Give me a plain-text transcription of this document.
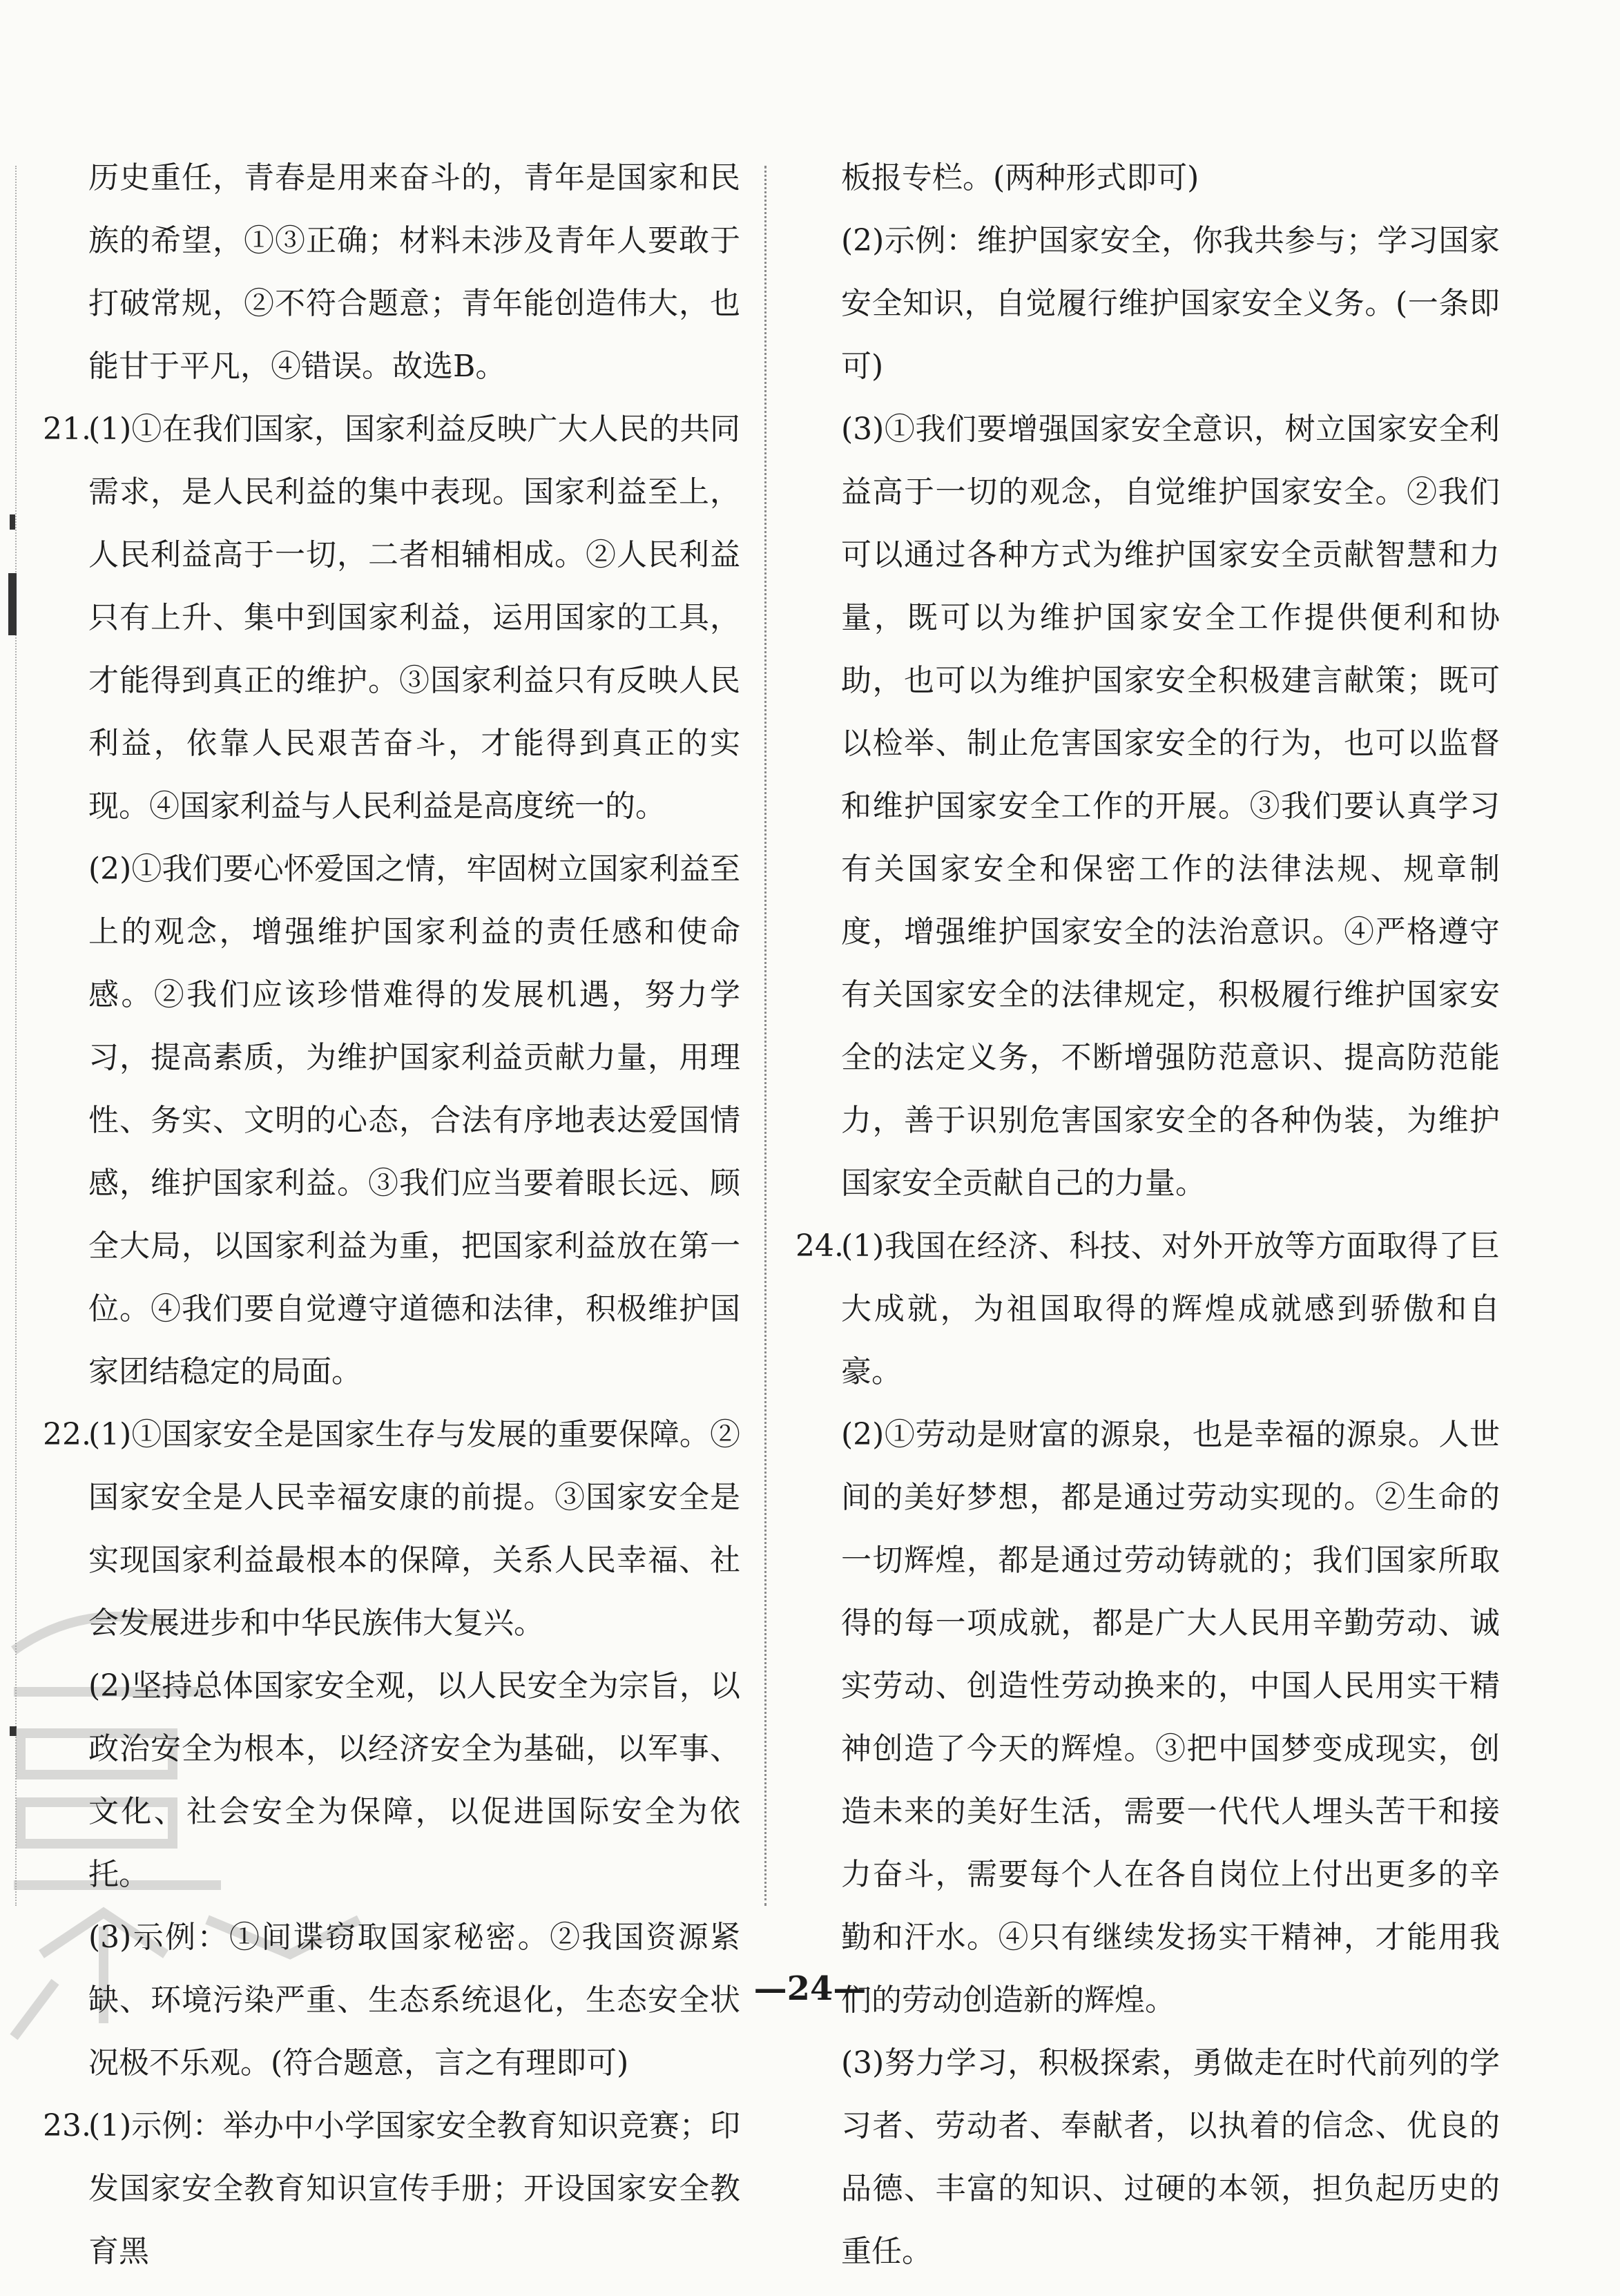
历史重任，青春是用来奋斗的，青年是国家和民族的希望，①③正确；材料未涉及青年人要敢于打破常规，②不符合题意；青年能创造伟大，也能甘于平凡，④错误。故选B。

21.

(1)①在我们国家，国家利益反映广大人民的共同需求，是人民利益的集中表现。国家利益至上，人民利益高于一切，二者相辅相成。②人民利益只有上升、集中到国家利益，运用国家的工具，才能得到真正的维护。③国家利益只有反映人民利益，依靠人民艰苦奋斗，才能得到真正的实现。④国家利益与人民利益是高度统一的。

(2)①我们要心怀爱国之情，牢固树立国家利益至上的观念，增强维护国家利益的责任感和使命感。②我们应该珍惜难得的发展机遇，努力学习，提高素质，为维护国家利益贡献力量，用理性、务实、文明的心态，合法有序地表达爱国情感，维护国家利益。③我们应当要着眼长远、顾全大局，以国家利益为重，把国家利益放在第一位。④我们要自觉遵守道德和法律，积极维护国家团结稳定的局面。

22.

(1)①国家安全是国家生存与发展的重要保障。②国家安全是人民幸福安康的前提。③国家安全是实现国家利益最根本的保障，关系人民幸福、社会发展进步和中华民族伟大复兴。

(2)坚持总体国家安全观，以人民安全为宗旨，以政治安全为根本，以经济安全为基础，以军事、文化、社会安全为保障，以促进国际安全为依托。

(3)示例：①间谍窃取国家秘密。②我国资源紧缺、环境污染严重、生态系统退化，生态安全状况极不乐观。(符合题意，言之有理即可)

23.

(1)示例：举办中小学国家安全教育知识竞赛；印发国家安全教育知识宣传手册；开设国家安全教育黑

板报专栏。(两种形式即可)

(2)示例：维护国家安全，你我共参与；学习国家安全知识，自觉履行维护国家安全义务。(一条即可)

(3)①我们要增强国家安全意识，树立国家安全利益高于一切的观念，自觉维护国家安全。②我们可以通过各种方式为维护国家安全贡献智慧和力量，既可以为维护国家安全工作提供便利和协助，也可以为维护国家安全积极建言献策；既可以检举、制止危害国家安全的行为，也可以监督和维护国家安全工作的开展。③我们要认真学习有关国家安全和保密工作的法律法规、规章制度，增强维护国家安全的法治意识。④严格遵守有关国家安全的法律规定，积极履行维护国家安全的法定义务，不断增强防范意识、提高防范能力，善于识别危害国家安全的各种伪装，为维护国家安全贡献自己的力量。

24.

(1)我国在经济、科技、对外开放等方面取得了巨大成就，为祖国取得的辉煌成就感到骄傲和自豪。

(2)①劳动是财富的源泉，也是幸福的源泉。人世间的美好梦想，都是通过劳动实现的。②生命的一切辉煌，都是通过劳动铸就的；我们国家所取得的每一项成就，都是广大人民用辛勤劳动、诚实劳动、创造性劳动换来的，中国人民用实干精神创造了今天的辉煌。③把中国梦变成现实，创造未来的美好生活，需要一代代人埋头苦干和接力奋斗，需要每个人在各自岗位上付出更多的辛勤和汗水。④只有继续发扬实干精神，才能用我们的劳动创造新的辉煌。

(3)努力学习，积极探索，勇做走在时代前列的学习者、劳动者、奉献者，以执着的信念、优良的品德、丰富的知识、过硬的本领，担负起历史的重任。

—24—
